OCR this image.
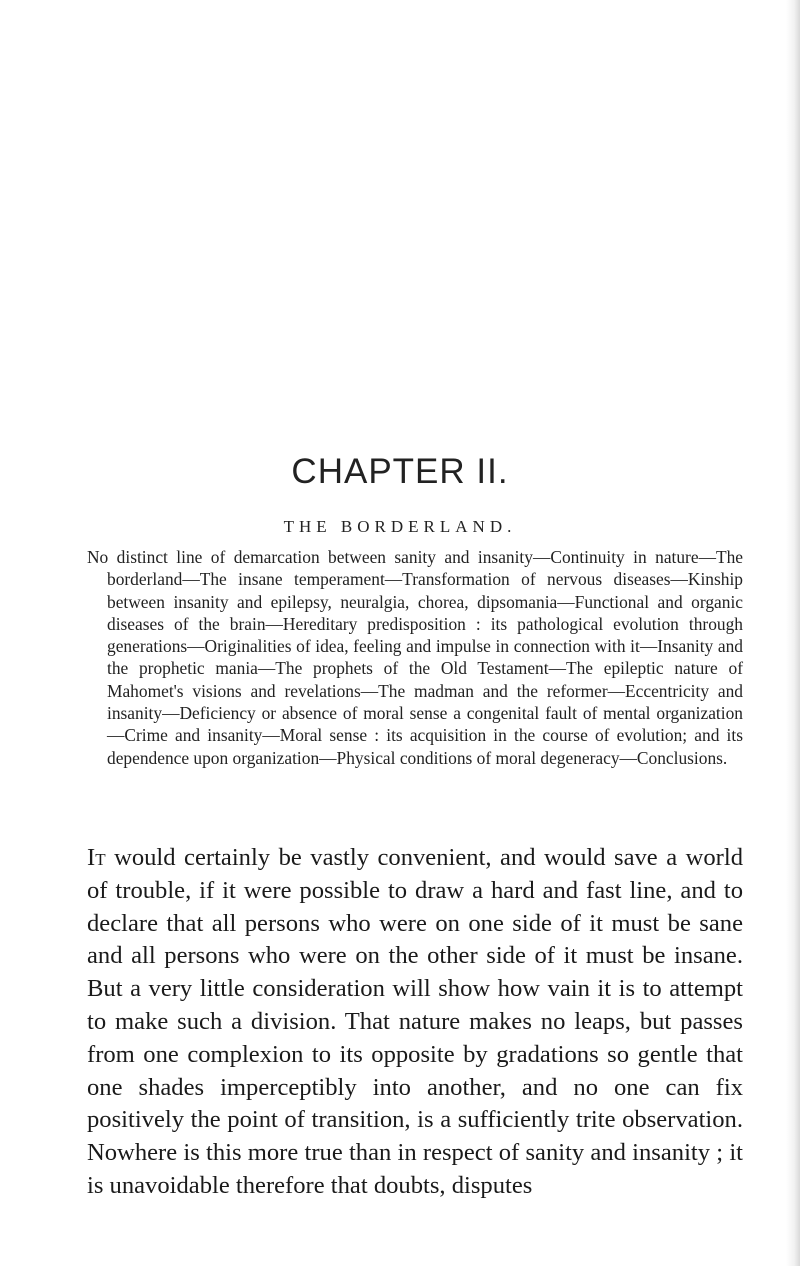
CHAPTER II.
THE BORDERLAND.
No distinct line of demarcation between sanity and insanity—Continuity in nature—The borderland—The insane temperament—Transformation of nervous diseases—Kinship between insanity and epilepsy, neuralgia, chorea, dipsomania—Functional and organic diseases of the brain—Hereditary predisposition : its pathological evolution through generations—Originalities of idea, feeling and impulse in connection with it—Insanity and the prophetic mania—The prophets of the Old Testament—The epileptic nature of Mahomet's visions and revelations—The madman and the reformer—Eccentricity and insanity—Deficiency or absence of moral sense a congenital fault of mental organization—Crime and insanity—Moral sense : its acquisition in the course of evolution; and its dependence upon organization—Physical conditions of moral degeneracy—Conclusions.
It would certainly be vastly convenient, and would save a world of trouble, if it were possible to draw a hard and fast line, and to declare that all persons who were on one side of it must be sane and all persons who were on the other side of it must be insane. But a very little consideration will show how vain it is to attempt to make such a division. That nature makes no leaps, but passes from one complexion to its opposite by gradations so gentle that one shades imperceptibly into another, and no one can fix positively the point of transition, is a sufficiently trite observation. Nowhere is this more true than in respect of sanity and insanity ; it is unavoidable therefore that doubts, disputes
